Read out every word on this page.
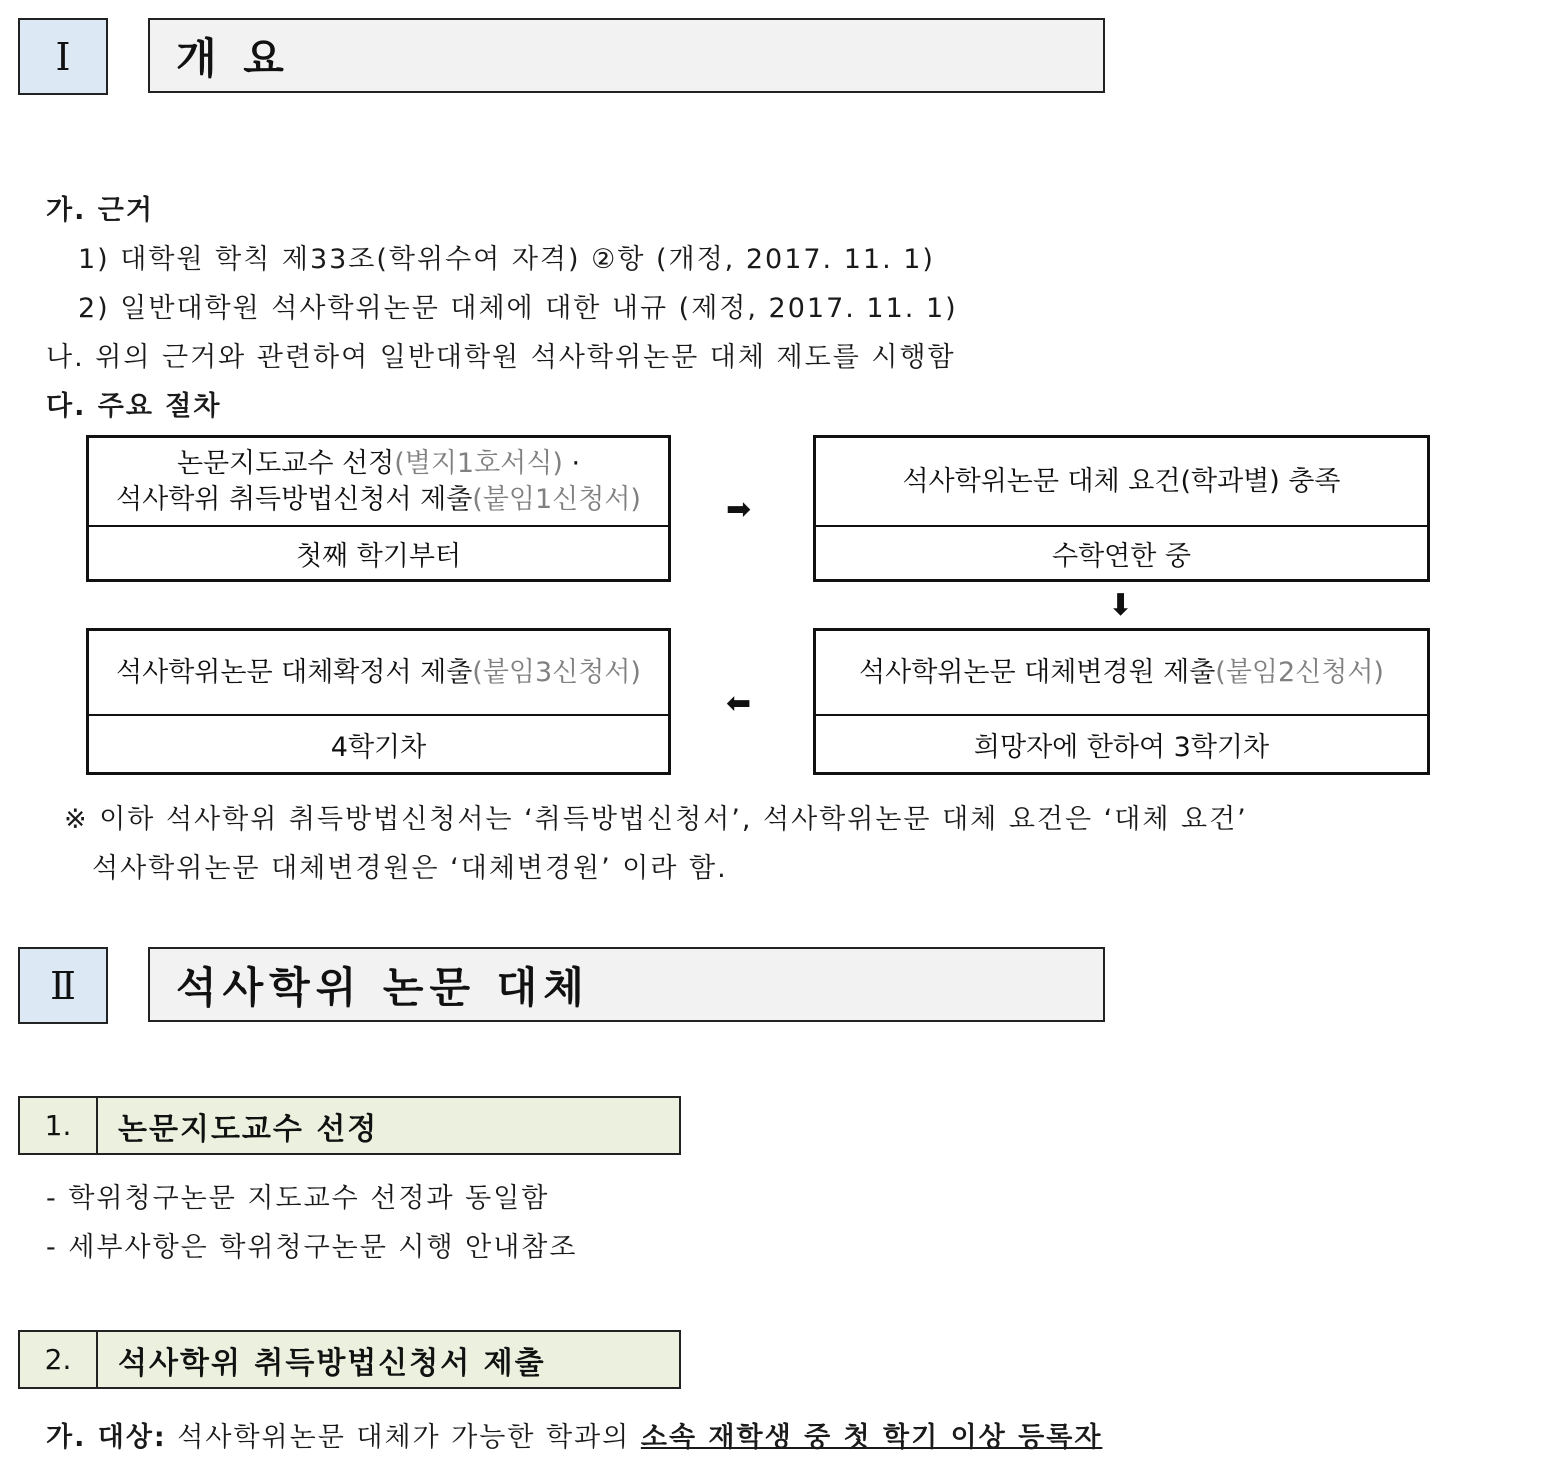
Ⅰ	개 요
가. 근거
1) 대학원 학칙 제33조(학위수여 자격) ②항 (개정, 2017. 11. 1)
2) 일반대학원 석사학위논문 대체에 대한 내규 (제정, 2017. 11. 1)
나. 위의 근거와 관련하여 일반대학원 석사학위논문 대체 제도를 시행함
다. 주요 절차
논문지도교수 선정(별지1호서식) ·
석사학위 취득방법신청서 제출(붙임1신청서)
첫째 학기부터
➡
석사학위논문 대체 요건(학과별) 충족
수학연한 중
⬇
석사학위논문 대체확정서 제출(붙임3신청서)
4학기차
⬅
석사학위논문 대체변경원 제출(붙임2신청서)
희망자에 한하여 3학기차
※ 이하 석사학위 취득방법신청서는 ‘취득방법신청서’, 석사학위논문 대체 요건은 ‘대체 요건’
석사학위논문 대체변경원은 ‘대체변경원’ 이라 함.
Ⅱ 석사학위 논문 대체
1.	논문지도교수 선정
- 학위청구논문 지도교수 선정과 동일함
- 세부사항은 학위청구논문 시행 안내참조
2.	석사학위 취득방법신청서 제출
가. 대상: 석사학위논문 대체가 가능한 학과의 소속 재학생 중 첫 학기 이상 등록자
